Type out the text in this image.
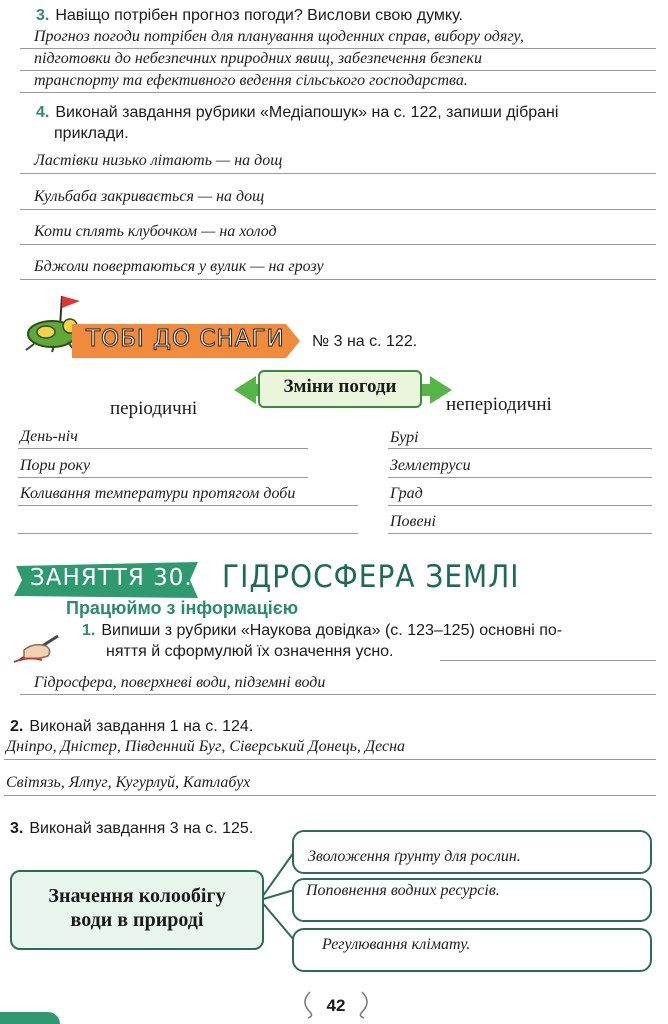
3. Навіщо потрібен прогноз погоди? Вислови свою думку.
Прогноз погоди потрібен для планування щоденних справ, вибору одягу,
підготовки до небезпечних природних явищ, забезпечення безпеки
транспорту та ефективного ведення сільського господарства.
4. Виконай завдання рубрики «Медіапошук» на с. 122, запиши дібрані
приклади.
Ластівки низько літають — на дощ
Кульбаба закривається — на дощ
Коти сплять клубочком — на холод
Бджоли повертаються у вулик — на грозу
ТОБІ ДО СНАГИ № 3 на с. 122.
Зміни погоди
періодичні	неперіодичні
День-ніч
Пори року
Коливання температури протягом доби
Бурі
Землетруси
Град
Повені
ЗАНЯТТЯ 30. ГІДРОСФЕРА ЗЕМЛІ
Працюймо з інформацією
1. Випиши з рубрики «Наукова довідка» (с. 123–125) основні по-
няття й сформулюй їх означення усно.
Гідросфера, поверхневі води, підземні води
2. Виконай завдання 1 на с. 124.
Дніпро, Дністер, Південний Буг, Сіверський Донець, Десна
Світязь, Ялпуг, Кугурлуй, Катлабух
3. Виконай завдання 3 на с. 125.
Значення колообігу
води в природі
Зволоження ґрунту для рослин.
Поповнення водних ресурсів.
Регулювання клімату.
42
